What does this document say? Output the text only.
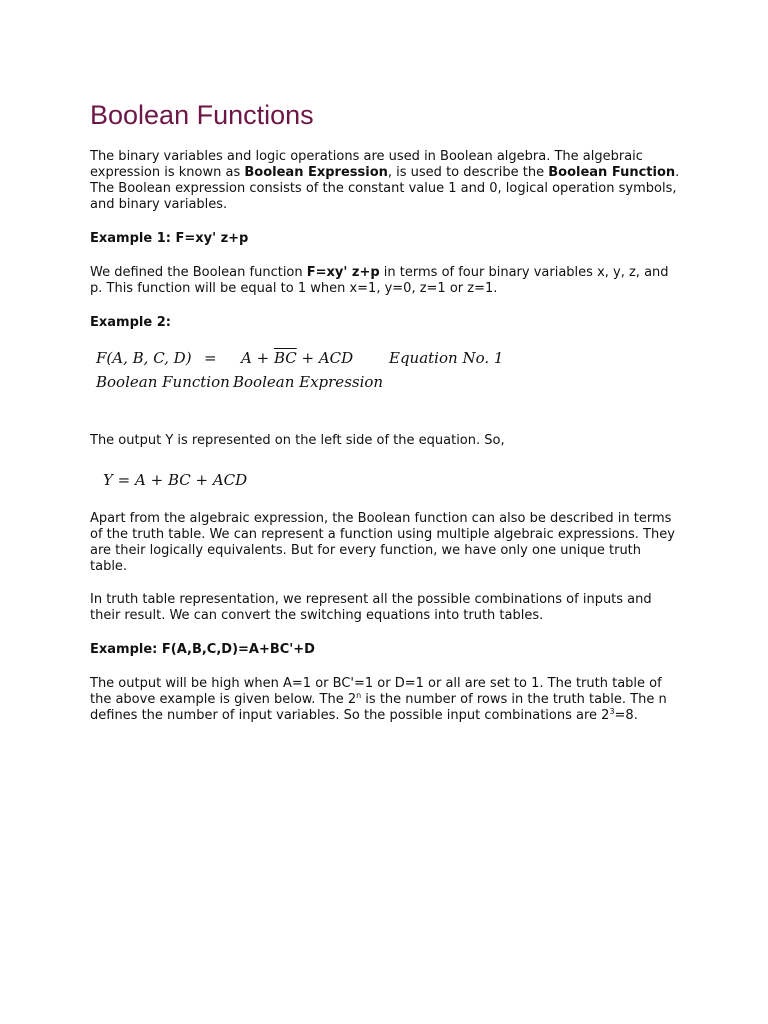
Boolean Functions

The binary variables and logic operations are used in Boolean algebra. The algebraic expression is known as Boolean Expression, is used to describe the Boolean Function. The Boolean expression consists of the constant value 1 and 0, logical operation symbols, and binary variables.

Example 1: F=xy' z+p

We defined the Boolean function F=xy' z+p in terms of four binary variables x, y, z, and p. This function will be equal to 1 when x=1, y=0, z=1 or z=1.

Example 2:

F(A, B, C, $D) = A + \overline{BC}$ + ACD Equation No. 1
Boolean Function Boolean Expression

The output Y is represented on the left side of the equation. So,

Y = A + BC + ACD

Apart from the algebraic expression, the Boolean function can also be described in terms of the truth table. We can represent a function using multiple algebraic expressions. They are their logically equivalents. But for every function, we have only one unique truth table.

In truth table representation, we represent all the possible combinations of inputs and their result. We can convert the switching equations into truth tables.

Example: F(A,B,C,D)=A+BC'+D

The output will be high when A=1 or BC'=1 or D=1 or all are set to 1. The truth table of the above example is given below. The 2$^n$ is the number of rows in the truth table. The n defines the number of input variables. So the possible input combinations are $2^3=8$.
